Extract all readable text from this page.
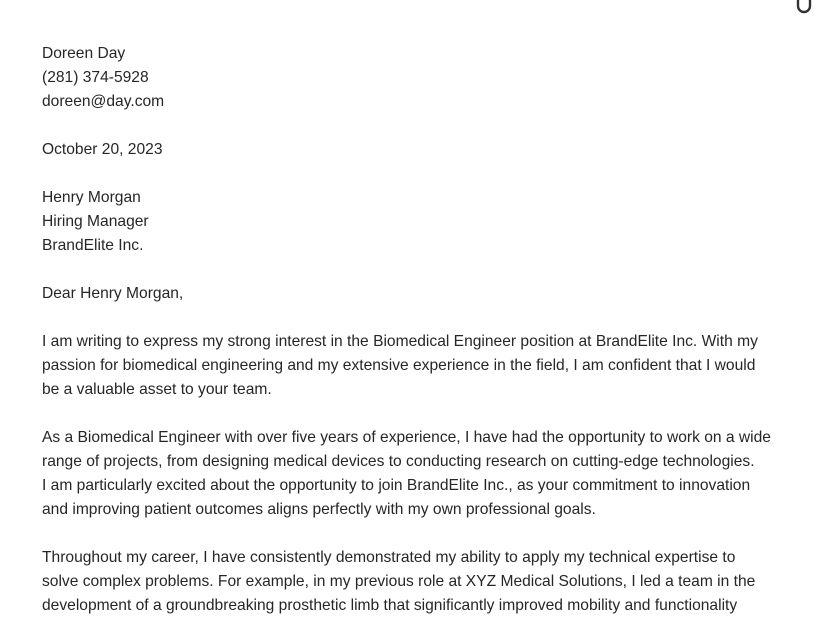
Doreen Day
(281) 374-5928
doreen@day.com
October 20, 2023
Henry Morgan
Hiring Manager
BrandElite Inc.
Dear Henry Morgan,
I am writing to express my strong interest in the Biomedical Engineer position at BrandElite Inc. With my
passion for biomedical engineering and my extensive experience in the field, I am confident that I would
be a valuable asset to your team.
As a Biomedical Engineer with over five years of experience, I have had the opportunity to work on a wide
range of projects, from designing medical devices to conducting research on cutting-edge technologies.
I am particularly excited about the opportunity to join BrandElite Inc., as your commitment to innovation
and improving patient outcomes aligns perfectly with my own professional goals.
Throughout my career, I have consistently demonstrated my ability to apply my technical expertise to
solve complex problems. For example, in my previous role at XYZ Medical Solutions, I led a team in the
development of a groundbreaking prosthetic limb that significantly improved mobility and functionality
